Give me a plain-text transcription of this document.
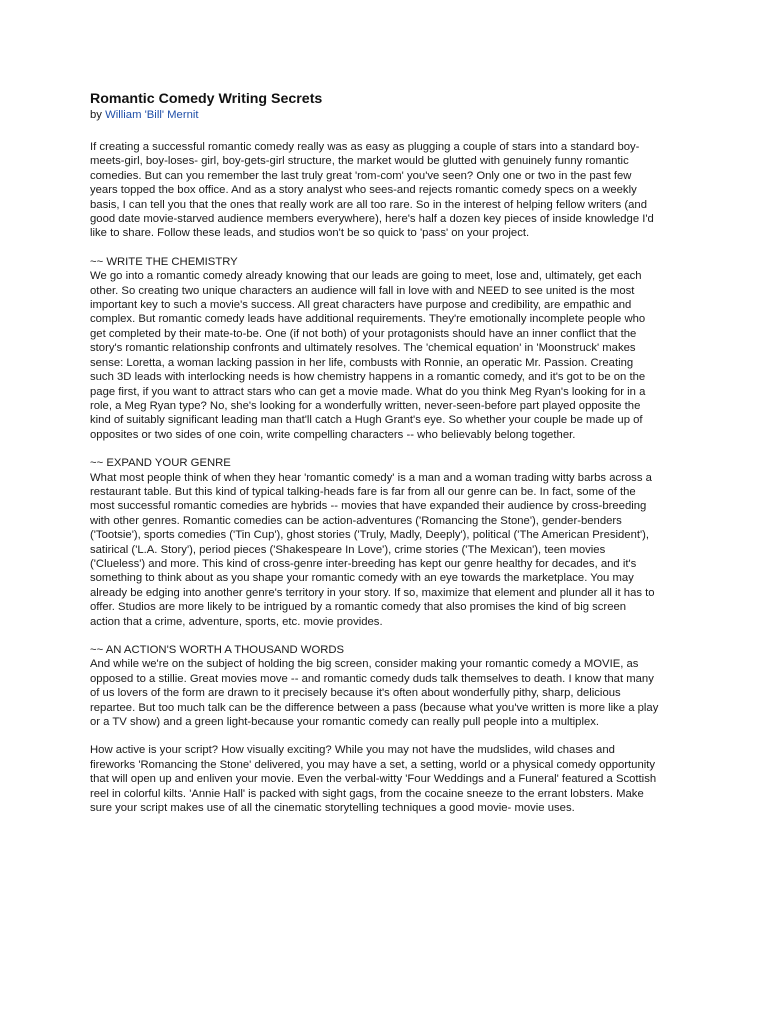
Romantic Comedy Writing Secrets

by William 'Bill' Mernit

If creating a successful romantic comedy really was as easy as plugging a couple of stars into a standard boy-
meets-girl, boy-loses- girl, boy-gets-girl structure, the market would be glutted with genuinely funny romantic
comedies. But can you remember the last truly great 'rom-com' you've seen? Only one or two in the past few
years topped the box office. And as a story analyst who sees-and rejects romantic comedy specs on a weekly
basis, I can tell you that the ones that really work are all too rare. So in the interest of helping fellow writers (and
good date movie-starved audience members everywhere), here's half a dozen key pieces of inside knowledge I'd
like to share. Follow these leads, and studios won't be so quick to 'pass' on your project.

~~ WRITE THE CHEMISTRY

We go into a romantic comedy already knowing that our leads are going to meet, lose and, ultimately, get each
other. So creating two unique characters an audience will fall in love with and NEED to see united is the most
important key to such a movie's success. All great characters have purpose and credibility, are empathic and
complex. But romantic comedy leads have additional requirements. They're emotionally incomplete people who
get completed by their mate-to-be. One (if not both) of your protagonists should have an inner conflict that the
story's romantic relationship confronts and ultimately resolves. The 'chemical equation' in 'Moonstruck' makes
sense: Loretta, a woman lacking passion in her life, combusts with Ronnie, an operatic Mr. Passion. Creating
such 3D leads with interlocking needs is how chemistry happens in a romantic comedy, and it's got to be on the
page first, if you want to attract stars who can get a movie made. What do you think Meg Ryan's looking for in a
role, a Meg Ryan type? No, she's looking for a wonderfully written, never-seen-before part played opposite the
kind of suitably significant leading man that'll catch a Hugh Grant's eye. So whether your couple be made up of
opposites or two sides of one coin, write compelling characters -- who believably belong together.

~~ EXPAND YOUR GENRE

What most people think of when they hear 'romantic comedy' is a man and a woman trading witty barbs across a
restaurant table. But this kind of typical talking-heads fare is far from all our genre can be. In fact, some of the
most successful romantic comedies are hybrids -- movies that have expanded their audience by cross-breeding
with other genres. Romantic comedies can be action-adventures ('Romancing the Stone'), gender-benders
('Tootsie'), sports comedies ('Tin Cup'), ghost stories ('Truly, Madly, Deeply'), political ('The American President'),
satirical ('L.A. Story'), period pieces ('Shakespeare In Love'), crime stories ('The Mexican'), teen movies
('Clueless') and more. This kind of cross-genre inter-breeding has kept our genre healthy for decades, and it's
something to think about as you shape your romantic comedy with an eye towards the marketplace. You may
already be edging into another genre's territory in your story. If so, maximize that element and plunder all it has to
offer. Studios are more likely to be intrigued by a romantic comedy that also promises the kind of big screen
action that a crime, adventure, sports, etc. movie provides.

~~ AN ACTION'S WORTH A THOUSAND WORDS

And while we're on the subject of holding the big screen, consider making your romantic comedy a MOVIE, as
opposed to a stillie. Great movies move -- and romantic comedy duds talk themselves to death. I know that many
of us lovers of the form are drawn to it precisely because it's often about wonderfully pithy, sharp, delicious
repartee. But too much talk can be the difference between a pass (because what you've written is more like a play
or a TV show) and a green light-because your romantic comedy can really pull people into a multiplex.

How active is your script? How visually exciting? While you may not have the mudslides, wild chases and
fireworks 'Romancing the Stone' delivered, you may have a set, a setting, world or a physical comedy opportunity
that will open up and enliven your movie. Even the verbal-witty 'Four Weddings and a Funeral' featured a Scottish
reel in colorful kilts. 'Annie Hall' is packed with sight gags, from the cocaine sneeze to the errant lobsters. Make
sure your script makes use of all the cinematic storytelling techniques a good movie- movie uses.
